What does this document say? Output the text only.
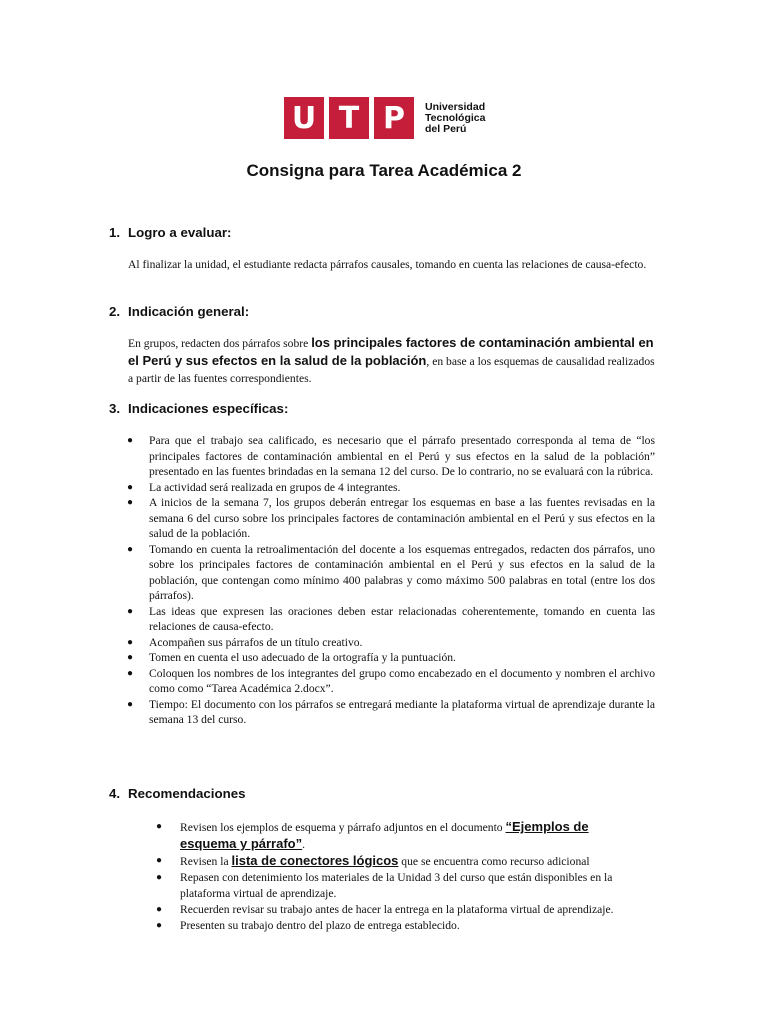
U T P	Universidad
Tecnológica
del Perú
Consigna para Tarea Académica 2

1. Logro a evaluar:

Al finalizar la unidad, el estudiante redacta párrafos causales, tomando en cuenta las relaciones de causa-efecto.

2. Indicación general:

En grupos, redacten dos párrafos sobre los principales factores de contaminación ambiental en el Perú y sus efectos en la salud de la población, en base a los esquemas de causalidad realizados a partir de las fuentes correspondientes.

3. Indicaciones específicas:

● Para que el trabajo sea calificado, es necesario que el párrafo presentado corresponda al tema de “los principales factores de contaminación ambiental en el Perú y sus efectos en la salud de la población” presentado en las fuentes brindadas en la semana 12 del curso. De lo contrario, no se evaluará con la rúbrica.
● La actividad será realizada en grupos de 4 integrantes.
● A inicios de la semana 7, los grupos deberán entregar los esquemas en base a las fuentes revisadas en la semana 6 del curso sobre los principales factores de contaminación ambiental en el Perú y sus efectos en la salud de la población.
● Tomando en cuenta la retroalimentación del docente a los esquemas entregados, redacten dos párrafos, uno sobre los principales factores de contaminación ambiental en el Perú y sus efectos en la salud de la población, que contengan como mínimo 400 palabras y como máximo 500 palabras en total (entre los dos párrafos).
● Las ideas que expresen las oraciones deben estar relacionadas coherentemente, tomando en cuenta las relaciones de causa-efecto.
● Acompañen sus párrafos de un título creativo.
● Tomen en cuenta el uso adecuado de la ortografía y la puntuación.
● Coloquen los nombres de los integrantes del grupo como encabezado en el documento y nombren el archivo como como “Tarea Académica 2.docx”.
● Tiempo: El documento con los párrafos se entregará mediante la plataforma virtual de aprendizaje durante la semana 13 del curso.

4. Recomendaciones

● Revisen los ejemplos de esquema y párrafo adjuntos en el documento “Ejemplos de esquema y párrafo”.
● Revisen la lista de conectores lógicos que se encuentra como recurso adicional
● Repasen con detenimiento los materiales de la Unidad 3 del curso que están disponibles en la plataforma virtual de aprendizaje.
● Recuerden revisar su trabajo antes de hacer la entrega en la plataforma virtual de aprendizaje.
● Presenten su trabajo dentro del plazo de entrega establecido.
